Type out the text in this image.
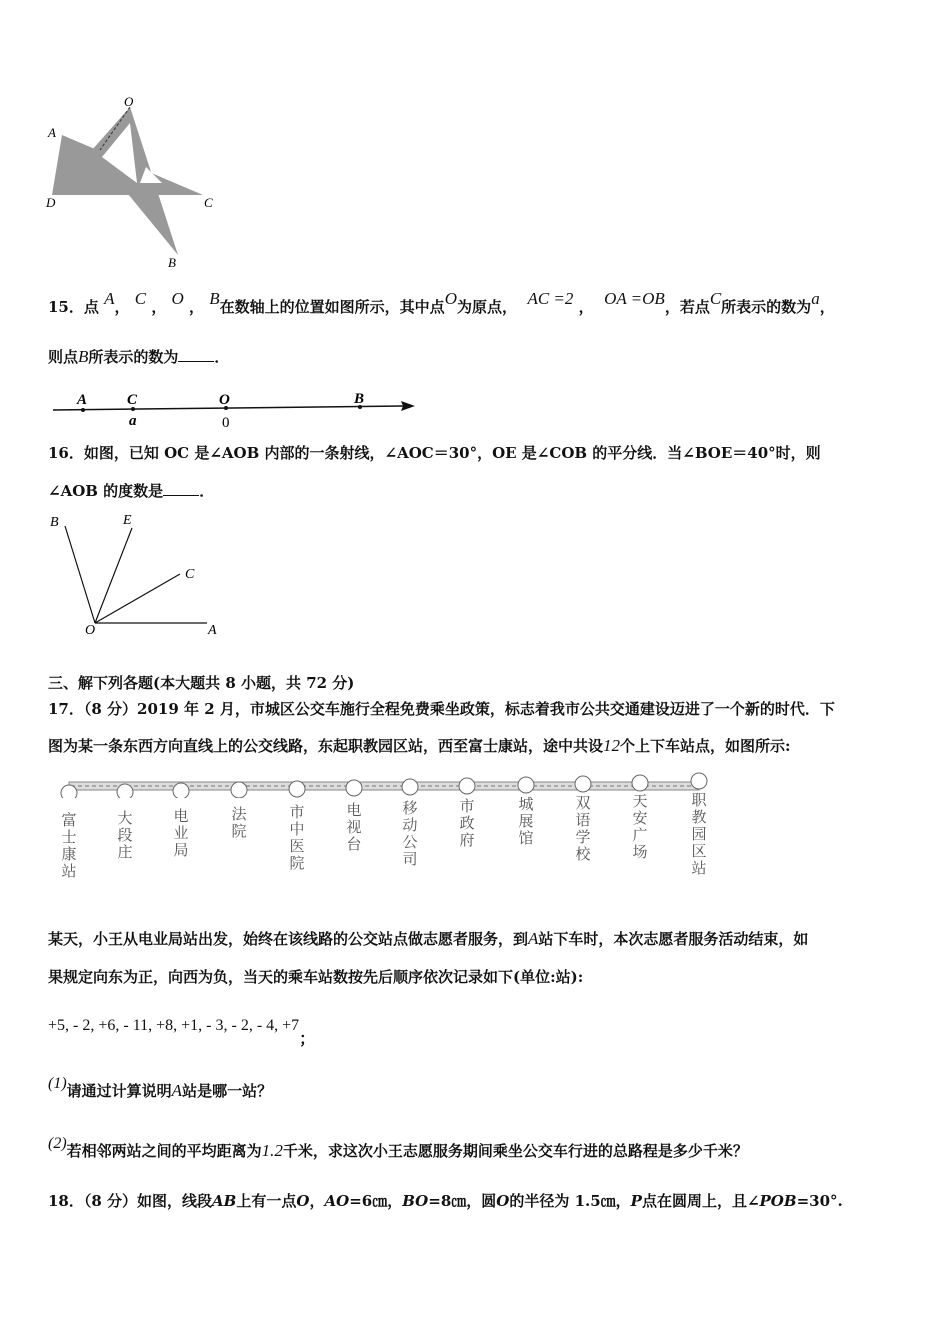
O
A
D	C
B
15．点 A， C ， O ， B在数轴上的位置如图所示，其中点O为原点， AC =2 ，  OA =OB，若点C所表示的数为a，
则点B所表示的数为 ．
A	C	O	B
a	0
16．如图，已知 OC 是∠AOB 内部的一条射线，∠AOC＝30°，OE 是∠COB 的平分线．当∠BOE＝40°时，则
∠AOB 的度数是 ．
B	E
C
O	A
三、解下列各题(本大题共 8 小题，共 72 分)
17．（8 分）2019 年 2 月，市城区公交车施行全程免费乘坐政策，标志着我市公共交通建设迈进了一个新的时代．下
图为某一条东西方向直线上的公交线路，东起职教园区站，西至富士康站，途中共设12个上下车站点，如图所示:
富士康站
大段庄
电业局
法院
市中医院
电视台
移动公司
市政府
城展馆
双语学校
天安广场
职教园区站
某天，小王从电业局站出发，始终在该线路的公交站点做志愿者服务，到A站下车时，本次志愿者服务活动结束，如
果规定向东为正，向西为负，当天的乘车站数按先后顺序依次记录如下(单位:站):
+5, - 2, +6, - 11, +8, +1, - 3, - 2, - 4, +7；
(1)请通过计算说明A站是哪一站？
(2)若相邻两站之间的平均距离为1.2千米，求这次小王志愿服务期间乘坐公交车行进的总路程是多少千米？
18．（8 分）如图，线段AB上有一点O，AO=6㎝，BO=8㎝，圆O的半径为 1.5㎝，P点在圆周上，且∠POB=30°.
